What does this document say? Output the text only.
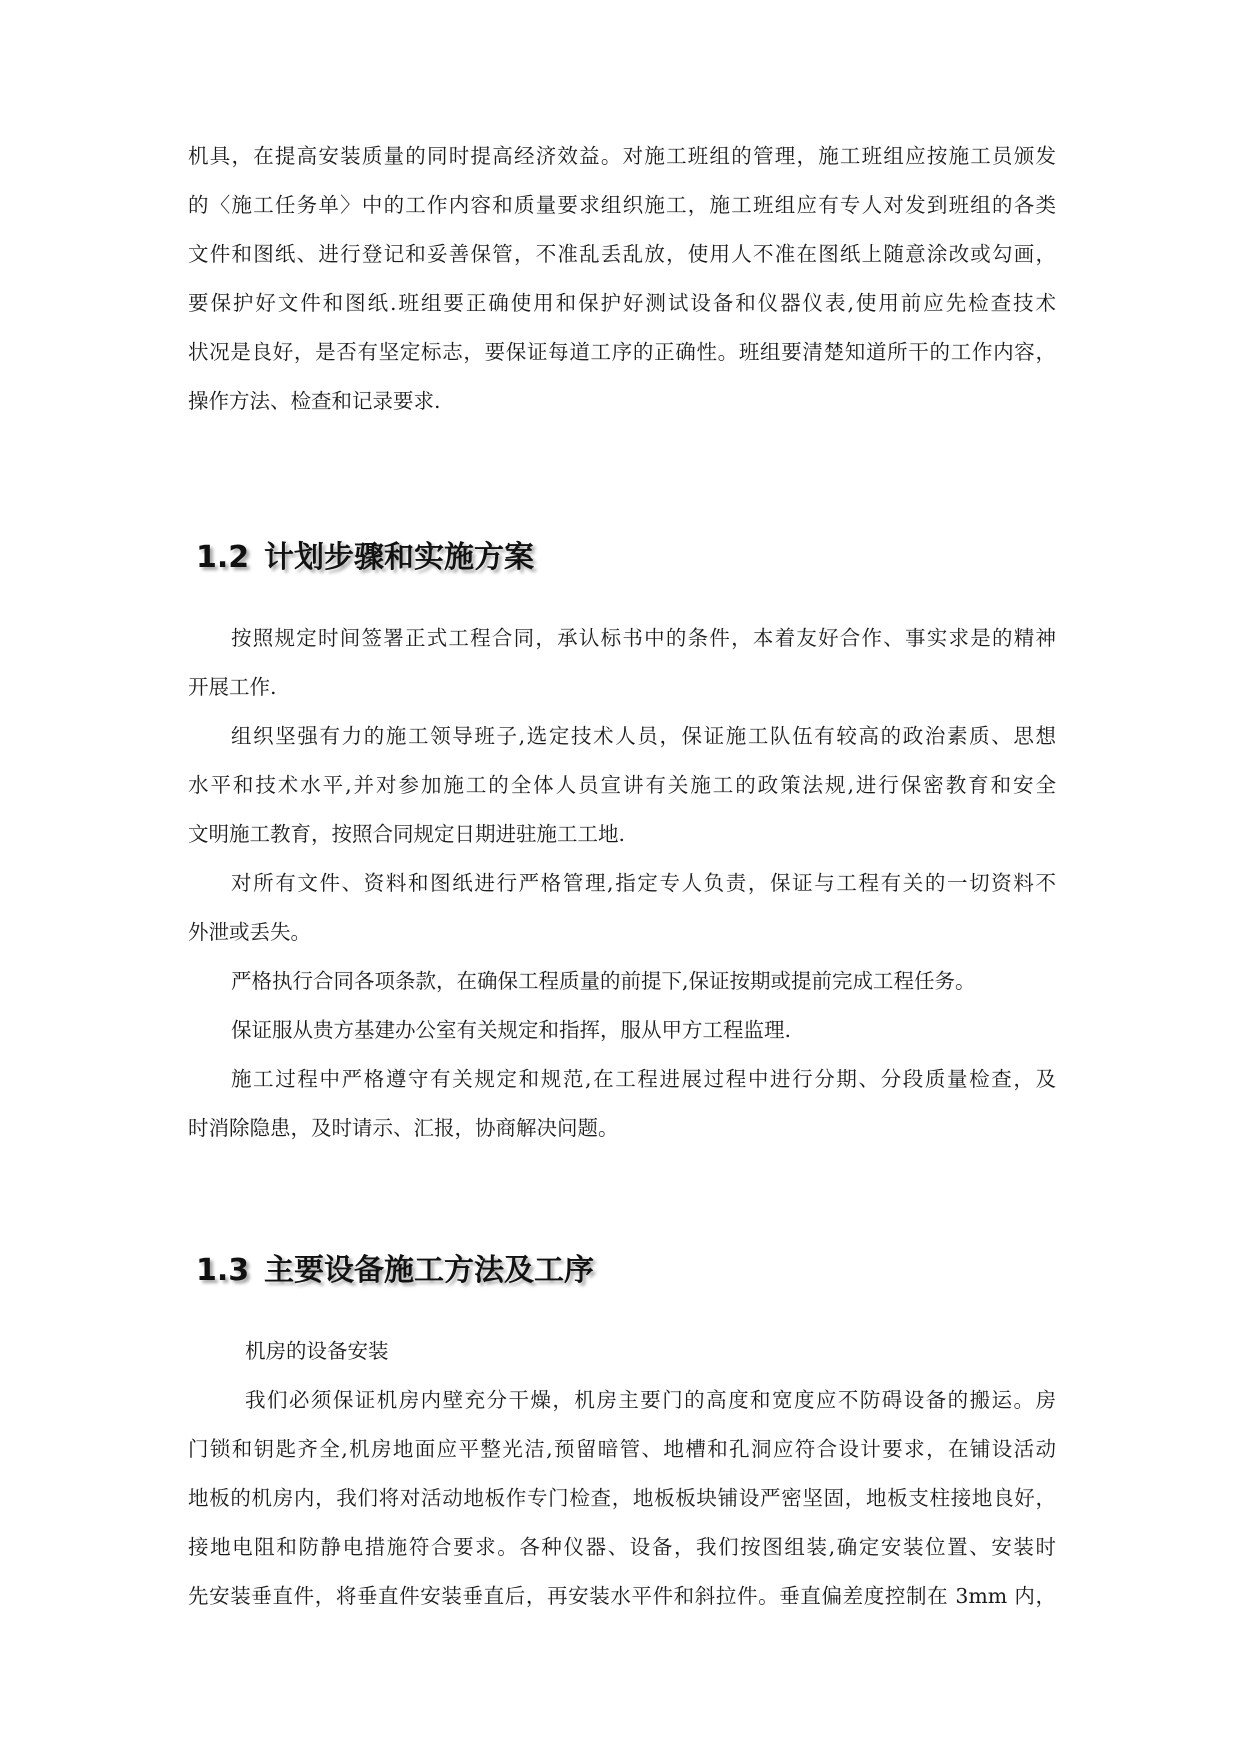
机具，在提高安装质量的同时提高经济效益。对施工班组的管理，施工班组应按施工员颁发
的〈施工任务单〉中的工作内容和质量要求组织施工，施工班组应有专人对发到班组的各类
文件和图纸、进行登记和妥善保管，不准乱丢乱放，使用人不准在图纸上随意涂改或勾画，
要保护好文件和图纸.班组要正确使用和保护好测试设备和仪器仪表,使用前应先检查技术
状况是良好，是否有坚定标志，要保证每道工序的正确性。班组要清楚知道所干的工作内容，
操作方法、检查和记录要求.
1.2 计划步骤和实施方案
按照规定时间签署正式工程合同，承认标书中的条件，本着友好合作、事实求是的精神
开展工作.
组织坚强有力的施工领导班子,选定技术人员，保证施工队伍有较高的政治素质、思想
水平和技术水平,并对参加施工的全体人员宣讲有关施工的政策法规,进行保密教育和安全
文明施工教育，按照合同规定日期进驻施工工地.
对所有文件、资料和图纸进行严格管理,指定专人负责，保证与工程有关的一切资料不
外泄或丢失。
严格执行合同各项条款，在确保工程质量的前提下,保证按期或提前完成工程任务。
保证服从贵方基建办公室有关规定和指挥，服从甲方工程监理.
施工过程中严格遵守有关规定和规范,在工程进展过程中进行分期、分段质量检查，及
时消除隐患，及时请示、汇报，协商解决问题。
1.3 主要设备施工方法及工序
机房的设备安装
我们必须保证机房内壁充分干燥，机房主要门的高度和宽度应不防碍设备的搬运。房
门锁和钥匙齐全,机房地面应平整光洁,预留暗管、地槽和孔洞应符合设计要求，在铺设活动
地板的机房内，我们将对活动地板作专门检查，地板板块铺设严密坚固，地板支柱接地良好，
接地电阻和防静电措施符合要求。各种仪器、设备，我们按图组装,确定安装位置、安装时
先安装垂直件，将垂直件安装垂直后，再安装水平件和斜拉件。垂直偏差度控制在 3mm 内，
